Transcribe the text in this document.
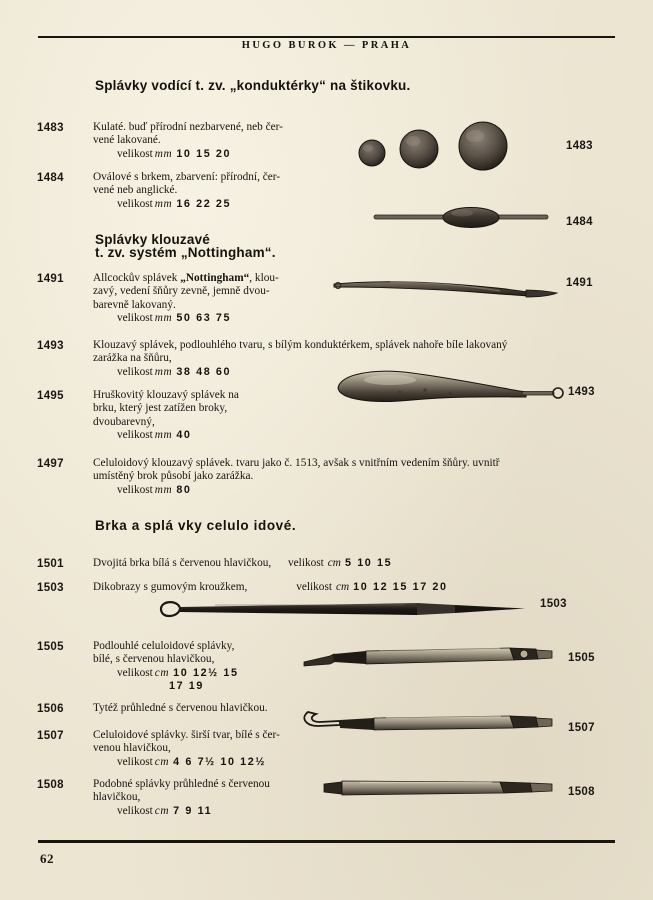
HUGO BUROK — PRAHA
Splávky vodící t. zv. „konduktérky“ na štikovku.
1483	Kulaté. buď přírodní nezbarvené, neb čer-
vené lakované.
velikost mm 10 15 20
1483
1484	Oválové s brkem, zbarvení: přírodní, čer-
vené neb anglické.
velikost mm 16 22 25
1484
Splávky klouzavé
t. zv. systém „Nottingham“.
1491	Allcockův splávek „Nottingham“, klou-
zavý, vedení šňůry zevně, jemně dvou-
barevně lakovaný.
velikost mm 50 63 75
1491
1493	Klouzavý splávek, podlouhlého tvaru, s bílým konduktérkem, splávek nahoře bíle lakovaný
zarážka na šňůru,
velikost mm 38 48 60
1495	Hruškovitý klouzavý splávek na
brku, který jest zatížen broky,
dvoubarevný,
velikost mm 40
1493
1497	Celuloidový klouzavý splávek. tvaru jako č. 1513, avšak s vnitřním vedením šňůry. uvnitř
umístěný brok působí jako zarážka.
velikost mm 80
Brka a splá vky celulo idové.
1501	Dvojitá brka bílá s červenou hlavičkou, velikost cm 5 10 15
1503	Dikobrazy s gumovým kroužkem,	velikost cm 10 12 15 17 20
1503
1505	Podlouhlé celuloidové splávky,
bílé, s červenou hlavičkou,
velikost cm 10 12½ 15
17 19
1505
1506	Tytéž průhledné s červenou hlavičkou.
1507	Celuloidové splávky. širší tvar, bílé s čer-
venou hlavičkou,
velikost cm 4 6 7½ 10 12½
1507
1508	Podobné splávky průhledné s červenou
hlavičkou,
velikost cm 7 9 11
1508
62
